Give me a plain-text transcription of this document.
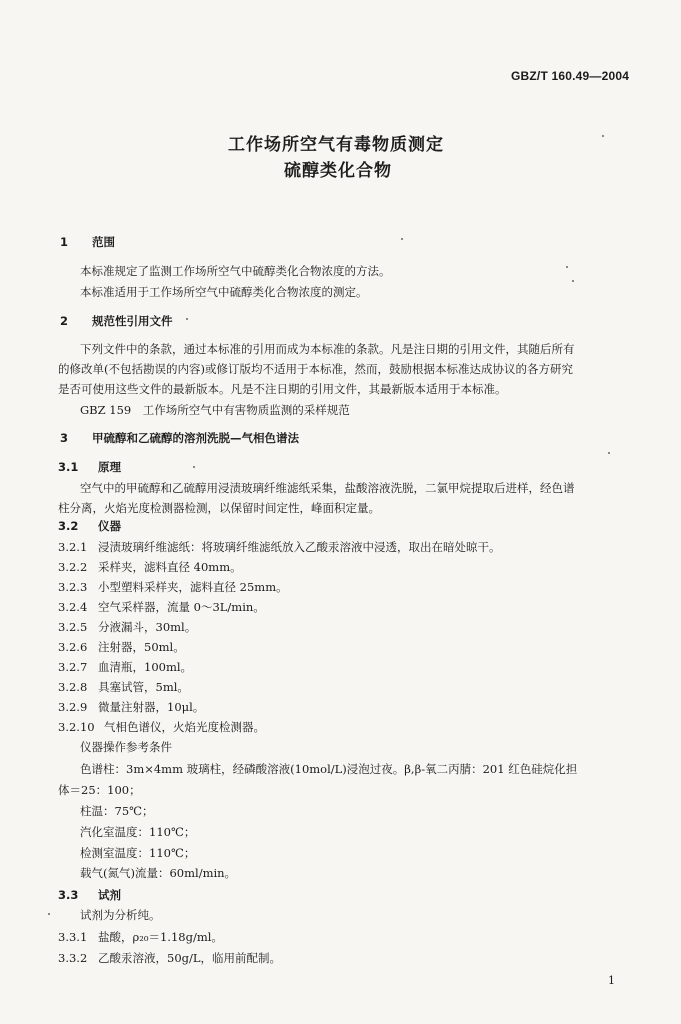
GBZ/T 160.49—2004
工作场所空气有毒物质测定
硫醇类化合物
1 范围
本标准规定了监测工作场所空气中硫醇类化合物浓度的方法。
本标准适用于工作场所空气中硫醇类化合物浓度的测定。
2 规范性引用文件
下列文件中的条款，通过本标准的引用而成为本标准的条款。凡是注日期的引用文件，其随后所有
的修改单(不包括勘误的内容)或修订版均不适用于本标准，然而，鼓励根据本标准达成协议的各方研究
是否可使用这些文件的最新版本。凡是不注日期的引用文件，其最新版本适用于本标准。
GBZ 159　工作场所空气中有害物质监测的采样规范
3 甲硫醇和乙硫醇的溶剂洗脱—气相色谱法
3.1 原理
空气中的甲硫醇和乙硫醇用浸渍玻璃纤维滤纸采集，盐酸溶液洗脱，二氯甲烷提取后进样，经色谱
柱分离，火焰光度检测器检测，以保留时间定性，峰面积定量。
3.2 仪器
3.2.1 浸渍玻璃纤维滤纸：将玻璃纤维滤纸放入乙酸汞溶液中浸透，取出在暗处晾干。
3.2.2 采样夹，滤料直径 40mm。
3.2.3 小型塑料采样夹，滤料直径 25mm。
3.2.4 空气采样器，流量 0～3L/min。
3.2.5 分液漏斗，30ml。
3.2.6 注射器，50ml。
3.2.7 血清瓶，100ml。
3.2.8 具塞试管，5ml。
3.2.9 微量注射器，10μl。
3.2.10 气相色谱仪，火焰光度检测器。
仪器操作参考条件
色谱柱：3m×4mm 玻璃柱，经磷酸溶液(10mol/L)浸泡过夜。β,β-氧二丙腈：201 红色硅烷化担
体＝25：100；
柱温：75℃；
汽化室温度：110℃；
检测室温度：110℃；
载气(氮气)流量：60ml/min。
3.3 试剂
试剂为分析纯。
3.3.1 盐酸，ρ₂₀＝1.18g/ml。
3.3.2 乙酸汞溶液，50g/L，临用前配制。
1
